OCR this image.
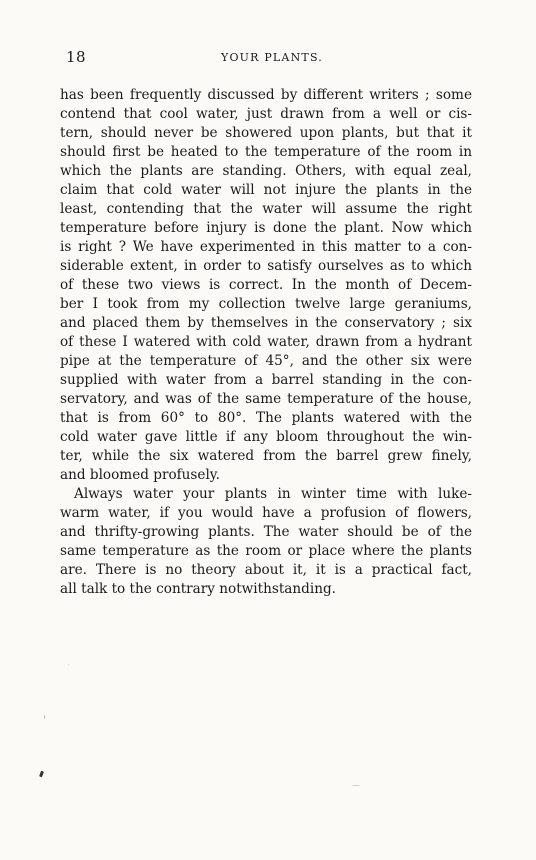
18	YOUR PLANTS.
has been frequently discussed by different writers ; some
contend that cool water, just drawn from a well or cis-
tern, should never be showered upon plants, but that it
should first be heated to the temperature of the room in
which the plants are standing. Others, with equal zeal,
claim that cold water will not injure the plants in the
least, contending that the water will assume the right
temperature before injury is done the plant. Now which
is right ? We have experimented in this matter to a con-
siderable extent, in order to satisfy ourselves as to which
of these two views is correct. In the month of Decem-
ber I took from my collection twelve large geraniums,
and placed them by themselves in the conservatory ; six
of these I watered with cold water, drawn from a hydrant
pipe at the temperature of 45°, and the other six were
supplied with water from a barrel standing in the con-
servatory, and was of the same temperature of the house,
that is from 60° to 80°. The plants watered with the
cold water gave little if any bloom throughout the win-
ter, while the six watered from the barrel grew finely,
and bloomed profusely.
Always water your plants in winter time with luke-
warm water, if you would have a profusion of flowers,
and thrifty-growing plants. The water should be of the
same temperature as the room or place where the plants
are. There is no theory about it, it is a practical fact,
all talk to the contrary notwithstanding.
